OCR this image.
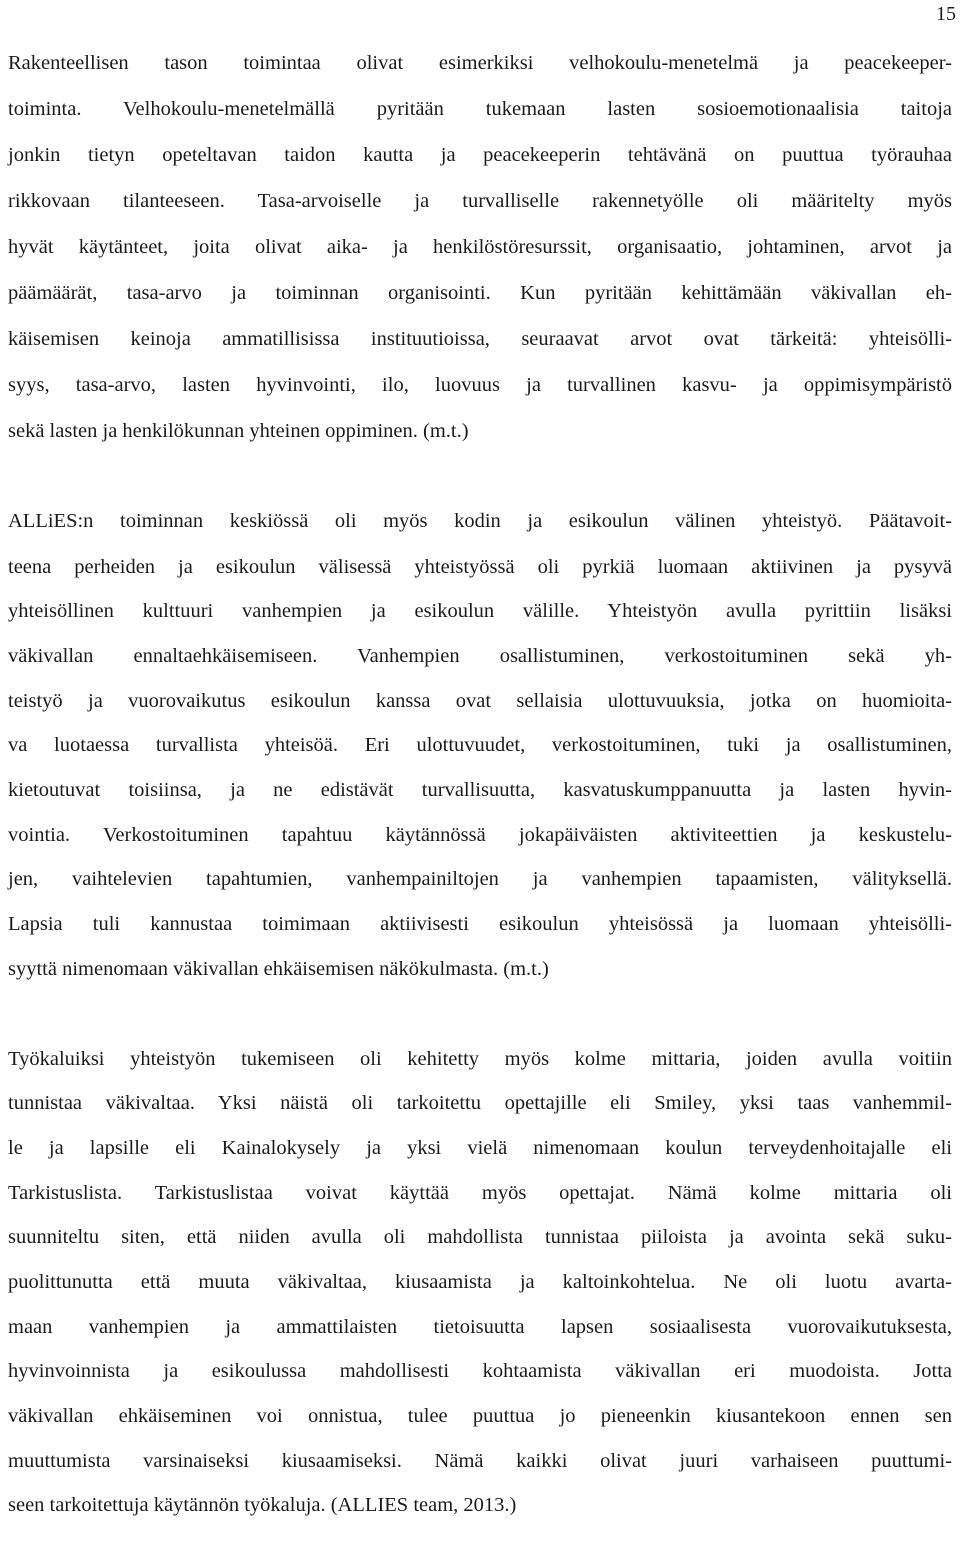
15
Rakenteellisen tason toimintaa olivat esimerkiksi velhokoulu-menetelmä ja peacekeeper-
toiminta. Velhokoulu-menetelmällä pyritään tukemaan lasten sosioemotionaalisia taitoja
jonkin tietyn opeteltavan taidon kautta ja peacekeeperin tehtävänä on puuttua työrauhaa
rikkovaan tilanteeseen. Tasa-arvoiselle ja turvalliselle rakennetyölle oli määritelty myös
hyvät käytänteet, joita olivat aika- ja henkilöstöresurssit, organisaatio, johtaminen, arvot ja
päämäärät, tasa-arvo ja toiminnan organisointi. Kun pyritään kehittämään väkivallan eh-
käisemisen keinoja ammatillisissa instituutioissa, seuraavat arvot ovat tärkeitä: yhteisölli-
syys, tasa-arvo, lasten hyvinvointi, ilo, luovuus ja turvallinen kasvu- ja oppimisympäristö
sekä lasten ja henkilökunnan yhteinen oppiminen. (m.t.)
ALLiES:n toiminnan keskiössä oli myös kodin ja esikoulun välinen yhteistyö. Päätavoit-
teena perheiden ja esikoulun välisessä yhteistyössä oli pyrkiä luomaan aktiivinen ja pysyvä
yhteisöllinen kulttuuri vanhempien ja esikoulun välille. Yhteistyön avulla pyrittiin lisäksi
väkivallan ennaltaehkäisemiseen. Vanhempien osallistuminen, verkostoituminen sekä yh-
teistyö ja vuorovaikutus esikoulun kanssa ovat sellaisia ulottuvuuksia, jotka on huomioita-
va luotaessa turvallista yhteisöä. Eri ulottuvuudet, verkostoituminen, tuki ja osallistuminen,
kietoutuvat toisiinsa, ja ne edistävät turvallisuutta, kasvatuskumppanuutta ja lasten hyvin-
vointia. Verkostoituminen tapahtuu käytännössä jokapäiväisten aktiviteettien ja keskustelu-
jen, vaihtelevien tapahtumien, vanhempainiltojen ja vanhempien tapaamisten, välityksellä.
Lapsia tuli kannustaa toimimaan aktiivisesti esikoulun yhteisössä ja luomaan yhteisölli-
syyttä nimenomaan väkivallan ehkäisemisen näkökulmasta. (m.t.)
Työkaluiksi yhteistyön tukemiseen oli kehitetty myös kolme mittaria, joiden avulla voitiin
tunnistaa väkivaltaa. Yksi näistä oli tarkoitettu opettajille eli Smiley, yksi taas vanhemmil-
le ja lapsille eli Kainalokysely ja yksi vielä nimenomaan koulun terveydenhoitajalle eli
Tarkistuslista. Tarkistuslistaa voivat käyttää myös opettajat. Nämä kolme mittaria oli
suunniteltu siten, että niiden avulla oli mahdollista tunnistaa piiloista ja avointa sekä suku-
puolittunutta että muuta väkivaltaa, kiusaamista ja kaltoinkohtelua. Ne oli luotu avarta-
maan vanhempien ja ammattilaisten tietoisuutta lapsen sosiaalisesta vuorovaikutuksesta,
hyvinvoinnista ja esikoulussa mahdollisesti kohtaamista väkivallan eri muodoista. Jotta
väkivallan ehkäiseminen voi onnistua, tulee puuttua jo pieneenkin kiusantekoon ennen sen
muuttumista varsinaiseksi kiusaamiseksi. Nämä kaikki olivat juuri varhaiseen puuttumi-
seen tarkoitettuja käytännön työkaluja. (ALLIES team, 2013.)
